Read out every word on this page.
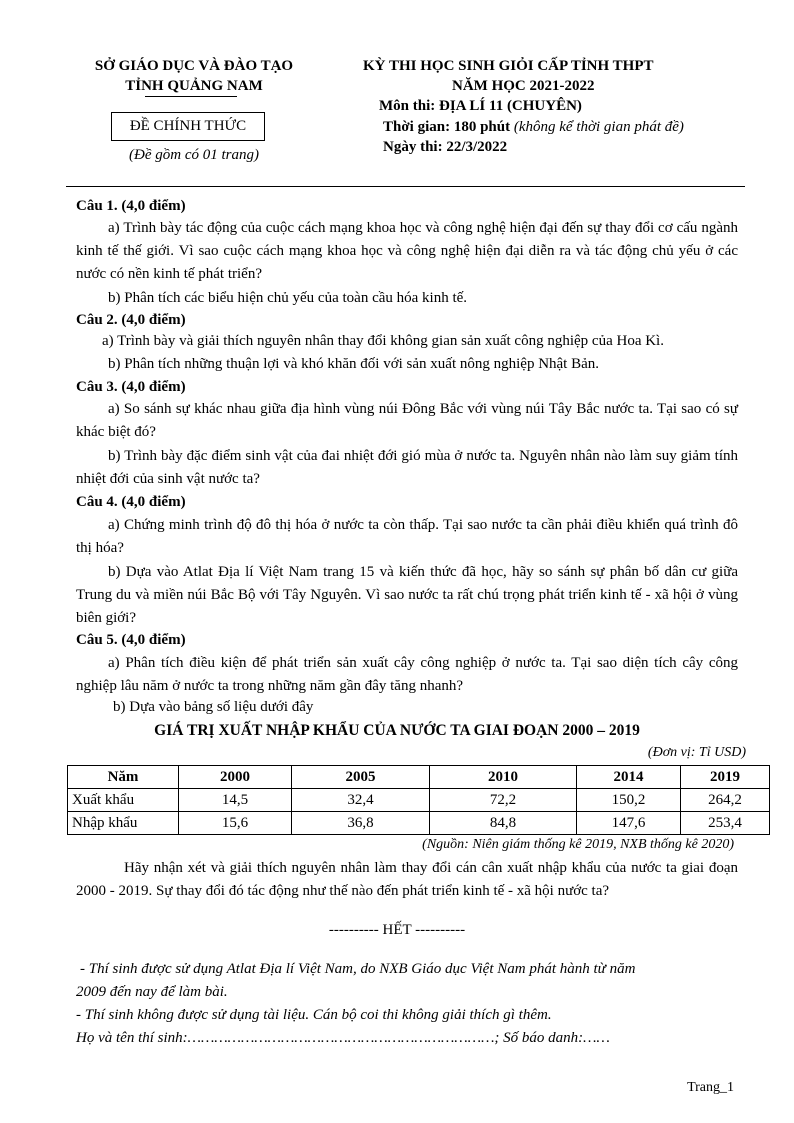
SỞ GIÁO DỤC VÀ ĐÀO TẠO
TỈNH QUẢNG NAM
ĐỀ CHÍNH THỨC
(Đề gồm có 01 trang)
KỲ THI HỌC SINH GIỎI CẤP TỈNH THPT
NĂM HỌC 2021-2022
Môn thi: ĐỊA LÍ 11 (CHUYÊN)
Thời gian: 180 phút (không kể thời gian phát đề)
Ngày thi: 22/3/2022
Câu 1. (4,0 điểm)
a) Trình bày tác động của cuộc cách mạng khoa học và công nghệ hiện đại đến sự thay đổi cơ cấu ngành kinh tế thế giới. Vì sao cuộc cách mạng khoa học và công nghệ hiện đại diễn ra và tác động chủ yếu ở các nước có nền kinh tế phát triển?
b) Phân tích các biểu hiện chủ yếu của toàn cầu hóa kinh tế.
Câu 2. (4,0 điểm)
a) Trình bày và giải thích nguyên nhân thay đổi không gian sản xuất công nghiệp của Hoa Kì.
b) Phân tích những thuận lợi và khó khăn đối với sản xuất nông nghiệp Nhật Bản.
Câu 3. (4,0 điểm)
a) So sánh sự khác nhau giữa địa hình vùng núi Đông Bắc với vùng núi Tây Bắc nước ta. Tại sao có sự khác biệt đó?
b) Trình bày đặc điểm sinh vật của đai nhiệt đới gió mùa ở nước ta. Nguyên nhân nào làm suy giảm tính nhiệt đới của sinh vật nước ta?
Câu 4. (4,0 điểm)
a) Chứng minh trình độ đô thị hóa ở nước ta còn thấp. Tại sao nước ta cần phải điều khiển quá trình đô thị hóa?
b) Dựa vào Atlat Địa lí Việt Nam trang 15 và kiến thức đã học, hãy so sánh sự phân bố dân cư giữa Trung du và miền núi Bắc Bộ với Tây Nguyên. Vì sao nước ta rất chú trọng phát triển kinh tế - xã hội ở vùng biên giới?
Câu 5. (4,0 điểm)
a) Phân tích điều kiện để phát triển sản xuất cây công nghiệp ở nước ta. Tại sao diện tích cây công nghiệp lâu năm ở nước ta trong những năm gần đây tăng nhanh?
b) Dựa vào bảng số liệu dưới đây
GIÁ TRỊ XUẤT NHẬP KHẨU CỦA NƯỚC TA GIAI ĐOẠN 2000 – 2019
(Đơn vị: Tỉ USD)
Năm	2000	2005	2010	2014	2019
Xuất khẩu	14,5	32,4	72,2	150,2	264,2
Nhập khẩu	15,6	36,8	84,8	147,6	253,4
(Nguồn: Niên giám thống kê 2019, NXB thống kê 2020)
Hãy nhận xét và giải thích nguyên nhân làm thay đổi cán cân xuất nhập khẩu của nước ta giai đoạn 2000 - 2019. Sự thay đổi đó tác động như thế nào đến phát triển kinh tế - xã hội nước ta?
---------- HẾT ----------
- Thí sinh được sử dụng Atlat Địa lí Việt Nam, do NXB Giáo dục Việt Nam phát hành từ năm
2009 đến nay để làm bài.
- Thí sinh không được sử dụng tài liệu. Cán bộ coi thi không giải thích gì thêm.
Họ và tên thí sinh:……………………………………………………………; Số báo danh:……
Trang_1
